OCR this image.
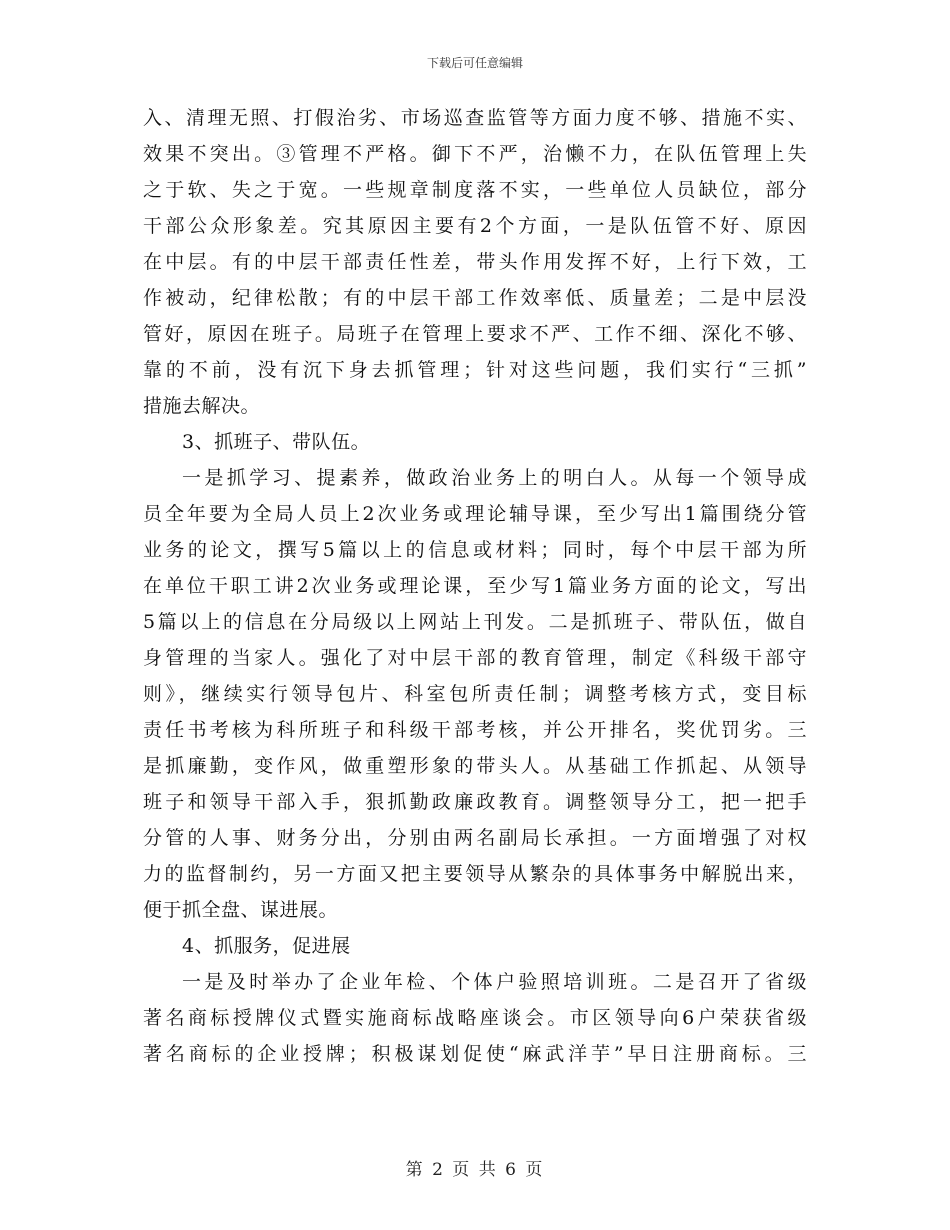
下载后可任意编辑
入、清理无照、打假治劣、市场巡查监管等方面力度不够、措施不实、
效果不突出。③管理不严格。御下不严，治懒不力，在队伍管理上失
之于软、失之于宽。一些规章制度落不实，一些单位人员缺位，部分
干部公众形象差。究其原因主要有2个方面，一是队伍管不好、原因
在中层。有的中层干部责任性差，带头作用发挥不好，上行下效，工
作被动，纪律松散；有的中层干部工作效率低、质量差；二是中层没
管好，原因在班子。局班子在管理上要求不严、工作不细、深化不够、
靠的不前，没有沉下身去抓管理；针对这些问题，我们实行“三抓”
措施去解决。
3、抓班子、带队伍。
一是抓学习、提素养，做政治业务上的明白人。从每一个领导成
员全年要为全局人员上2次业务或理论辅导课，至少写出1篇围绕分管
业务的论文，撰写5篇以上的信息或材料；同时，每个中层干部为所
在单位干职工讲2次业务或理论课，至少写1篇业务方面的论文，写出
5篇以上的信息在分局级以上网站上刊发。二是抓班子、带队伍，做自
身管理的当家人。强化了对中层干部的教育管理，制定《科级干部守
则》，继续实行领导包片、科室包所责任制；调整考核方式，变目标
责任书考核为科所班子和科级干部考核，并公开排名，奖优罚劣。三
是抓廉勤，变作风，做重塑形象的带头人。从基础工作抓起、从领导
班子和领导干部入手，狠抓勤政廉政教育。调整领导分工，把一把手
分管的人事、财务分出，分别由两名副局长承担。一方面增强了对权
力的监督制约，另一方面又把主要领导从繁杂的具体事务中解脱出来，
便于抓全盘、谋进展。
4、抓服务，促进展
一是及时举办了企业年检、个体户验照培训班。二是召开了省级
著名商标授牌仪式暨实施商标战略座谈会。市区领导向6户荣获省级
著名商标的企业授牌；积极谋划促使“麻武洋芋”早日注册商标。三
第 2 页 共 6 页
